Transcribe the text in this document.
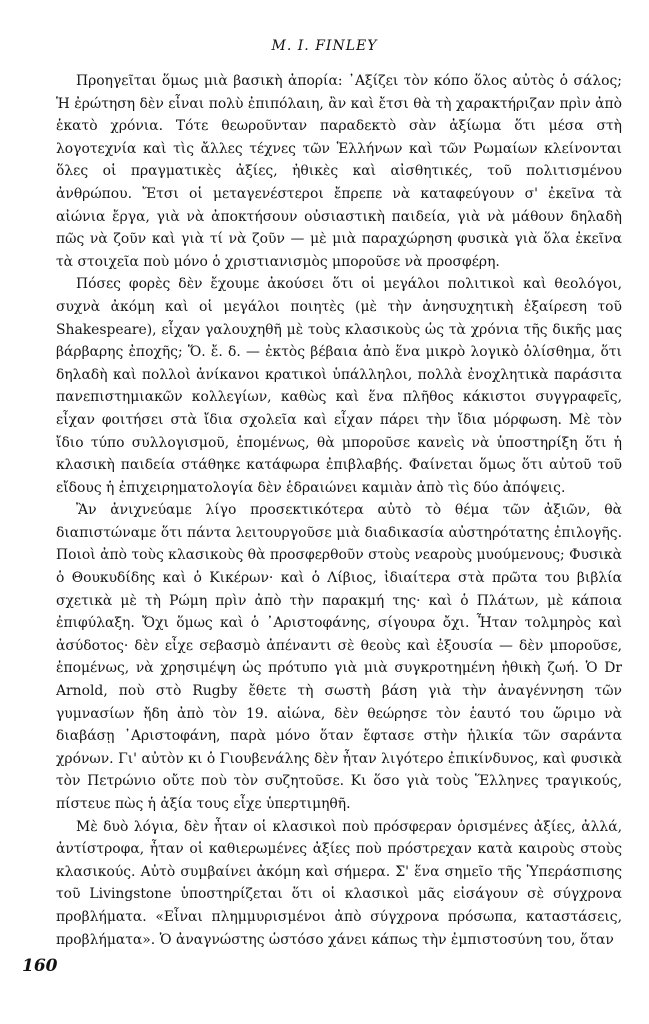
M. I. FINLEY

Προηγεῖται ὅμως μιὰ βασικὴ ἀπορία: ᾿Αξίζει τὸν κόπο ὅλος αὐτὸς ὁ σάλος; Ἡ ἐρώτηση δὲν εἶναι πολὺ ἐπιπόλαιη, ἂν καὶ ἔτσι θὰ τὴ χαρακτήριζαν πρὶν ἀπὸ ἑκατὸ χρόνια. Τότε θεωροῦνταν παραδεκτὸ σὰν ἀξίωμα ὅτι μέσα στὴ λογοτεχνία καὶ τὶς ἄλλες τέχνες τῶν Ἑλλήνων καὶ τῶν Ρωμαίων κλείνονται ὅλες οἱ πραγματικὲς ἀξίες, ἠθικὲς καὶ αἰσθητικές, τοῦ πολιτισμένου ἀνθρώπου. Ἔτσι οἱ μεταγενέστεροι ἔπρεπε νὰ καταφεύγουν σ' ἐκεῖνα τὰ αἰώνια ἔργα, γιὰ νὰ ἀποκτήσουν οὐσιαστικὴ παιδεία, γιὰ νὰ μάθουν δηλαδὴ πῶς νὰ ζοῦν καὶ γιὰ τί νὰ ζοῦν — μὲ μιὰ παραχώρηση φυσικὰ γιὰ ὅλα ἐκεῖνα τὰ στοιχεῖα ποὺ μόνο ὁ χριστιανισμὸς μποροῦσε νὰ προσφέρη.

Πόσες φορὲς δὲν ἔχουμε ἀκούσει ὅτι οἱ μεγάλοι πολιτικοὶ καὶ θεολόγοι, συχνὰ ἀκόμη καὶ οἱ μεγάλοι ποιητὲς (μὲ τὴν ἀνησυχητικὴ ἐξαίρεση τοῦ Shakespeare), εἶχαν γαλουχηθῆ μὲ τοὺς κλασικοὺς ὡς τὰ χρόνια τῆς δικῆς μας βάρβαρης ἐποχῆς; Ὅ. ἔ. δ. — ἐκτὸς βέβαια ἀπὸ ἕνα μικρὸ λογικὸ ὀλίσθημα, ὅτι δηλαδὴ καὶ πολλοὶ ἀνίκανοι κρατικοὶ ὑπάλληλοι, πολλὰ ἐνοχλητικὰ παράσιτα πανεπιστημιακῶν κολλεγίων, καθὼς καὶ ἕνα πλῆθος κάκιστοι συγγραφεῖς, εἶχαν φοιτήσει στὰ ἴδια σχολεῖα καὶ εἶχαν πάρει τὴν ἴδια μόρφωση. Μὲ τὸν ἴδιο τύπο συλλογισμοῦ, ἑπομένως, θὰ μποροῦσε κανεὶς νὰ ὑποστηρίξη ὅτι ἡ κλασικὴ παιδεία στάθηκε κατάφωρα ἐπιβλαβής. Φαίνεται ὅμως ὅτι αὐτοῦ τοῦ εἴδους ἡ ἐπιχειρηματολογία δὲν ἑδραιώνει καμιὰν ἀπὸ τὶς δύο ἀπόψεις.

Ἂν ἀνιχνεύαμε λίγο προσεκτικότερα αὐτὸ τὸ θέμα τῶν ἀξιῶν, θὰ διαπιστώναμε ὅτι πάντα λειτουργοῦσε μιὰ διαδικασία αὐστηρότατης ἐπιλογῆς. Ποιοὶ ἀπὸ τοὺς κλασικοὺς θὰ προσφερθοῦν στοὺς νεαροὺς μυούμενους; Φυσικὰ ὁ Θουκυδίδης καὶ ὁ Κικέρων· καὶ ὁ Λίβιος, ἰδιαίτερα στὰ πρῶτα του βιβλία σχετικὰ μὲ τὴ Ρώμη πρὶν ἀπὸ τὴν παρακμή της· καὶ ὁ Πλάτων, μὲ κάποια ἐπιφύλαξη. Ὄχι ὅμως καὶ ὁ ᾿Αριστοφάνης, σίγουρα ὄχι. Ἦταν τολμηρὸς καὶ ἀσύδοτος· δὲν εἶχε σεβασμὸ ἀπέναντι σὲ θεοὺς καὶ ἐξουσία — δὲν μποροῦσε, ἑπομένως, νὰ χρησιμέψη ὡς πρότυπο γιὰ μιὰ συγκροτημένη ἠθικὴ ζωή. Ὁ Dr Arnold, ποὺ στὸ Rugby ἔθετε τὴ σωστὴ βάση γιὰ τὴν ἀναγέννηση τῶν γυμνασίων ἤδη ἀπὸ τὸν 19. αἰώνα, δὲν θεώρησε τὸν ἑαυτό του ὥριμο νὰ διαβάσῃ ᾿Αριστοφάνη, παρὰ μόνο ὅταν ἔφτασε στὴν ἡλικία τῶν σαράντα χρόνων. Γι' αὐτὸν κι ὁ Γιουβενάλης δὲν ἦταν λιγότερο ἐπικίνδυνος, καὶ φυσικὰ τὸν Πετρώνιο οὔτε ποὺ τὸν συζητοῦσε. Κι ὅσο γιὰ τοὺς Ἕλληνες τραγικούς, πίστευε πὼς ἡ ἀξία τους εἶχε ὑπερτιμηθῆ.

Μὲ δυὸ λόγια, δὲν ἦταν οἱ κλασικοὶ ποὺ πρόσφεραν ὁρισμένες ἀξίες, ἀλλά, ἀντίστροφα, ἦταν οἱ καθιερωμένες ἀξίες ποὺ πρόστρεχαν κατὰ καιροὺς στοὺς κλασικούς. Αὐτὸ συμβαίνει ἀκόμη καὶ σήμερα. Σ' ἕνα σημεῖο τῆς Ὑπεράσπισης τοῦ Livingstone ὑποστηρίζεται ὅτι οἱ κλασικοὶ μᾶς εἰσάγουν σὲ σύγχρονα προβλήματα. «Εἶναι πλημμυρισμένοι ἀπὸ σύγχρονα πρόσωπα, καταστάσεις, προβλήματα». Ὁ ἀναγνώστης ὡστόσο χάνει κάπως τὴν ἐμπιστοσύνη του, ὅταν

160
